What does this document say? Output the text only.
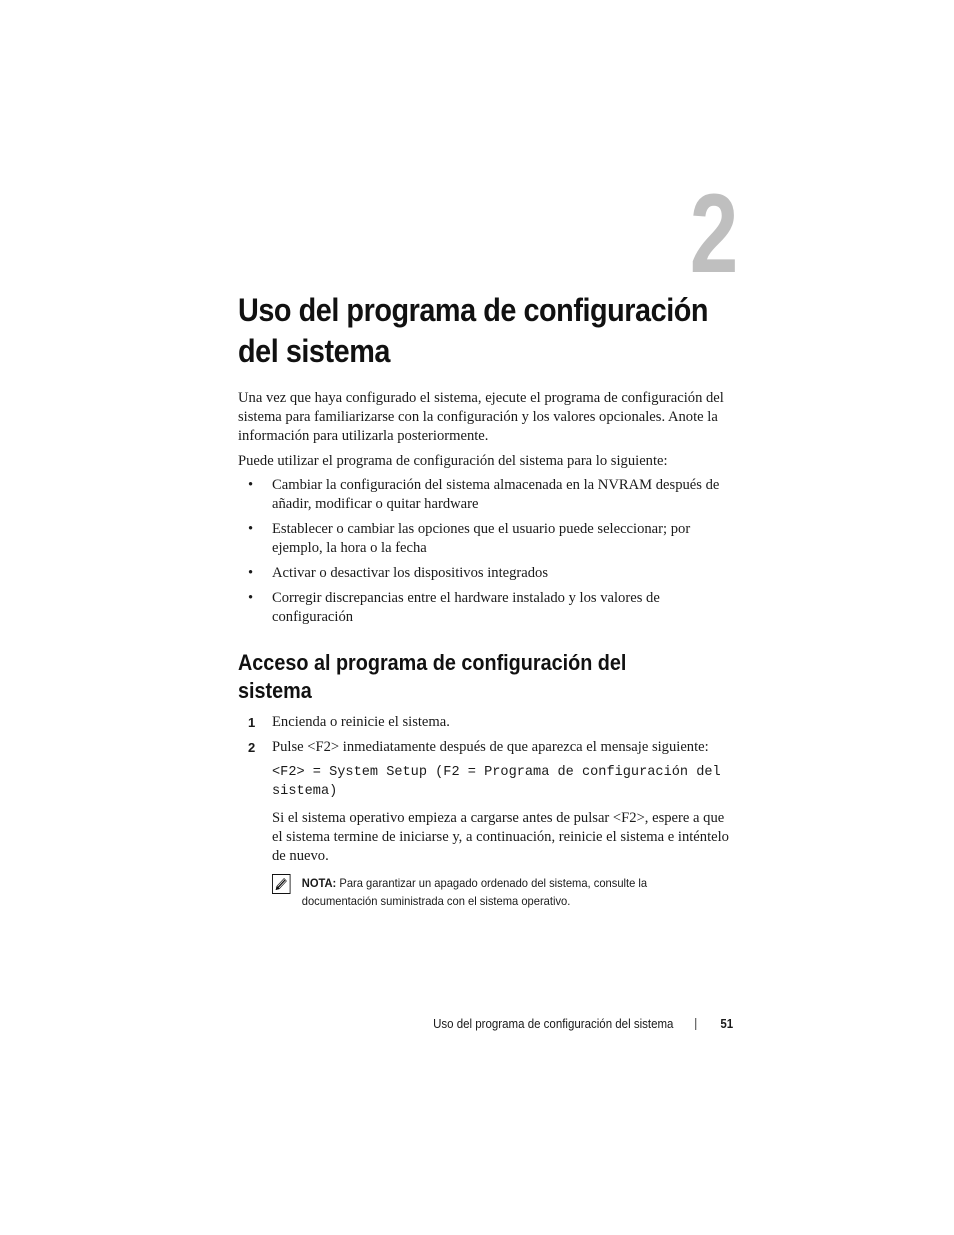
2
Uso del programa de configuración del sistema

Una vez que haya configurado el sistema, ejecute el programa de configuración del sistema para familiarizarse con la configuración y los valores opcionales. Anote la información para utilizarla posteriormente.

Puede utilizar el programa de configuración del sistema para lo siguiente:

• Cambiar la configuración del sistema almacenada en la NVRAM después de añadir, modificar o quitar hardware
• Establecer o cambiar las opciones que el usuario puede seleccionar; por ejemplo, la hora o la fecha
• Activar o desactivar los dispositivos integrados
• Corregir discrepancias entre el hardware instalado y los valores de configuración
Acceso al programa de configuración del sistema
1 Encienda o reinicie el sistema.
2 Pulse <F2> inmediatamente después de que aparezca el mensaje siguiente:
<F2> = System Setup (F2 = Programa de configuración del sistema)

Si el sistema operativo empieza a cargarse antes de pulsar <F2>, espere a que el sistema termine de iniciarse y, a continuación, reinicie el sistema e inténtelo de nuevo.

NOTA: Para garantizar un apagado ordenado del sistema, consulte la documentación suministrada con el sistema operativo.
Uso del programa de configuración del sistema	51
